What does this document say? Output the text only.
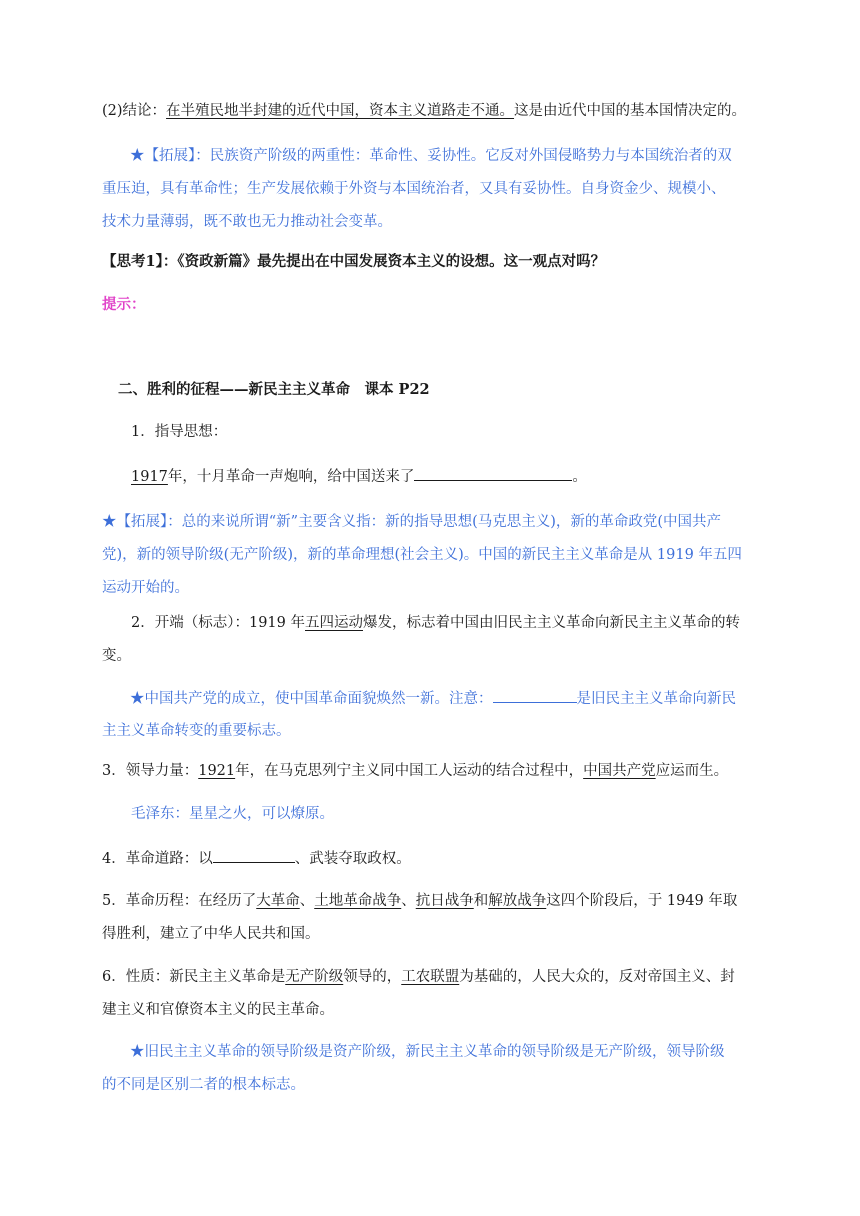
(2)结论：在半殖民地半封建的近代中国，资本主义道路走不通。这是由近代中国的基本国情决定的。
★【拓展】：民族资产阶级的两重性：革命性、妥协性。它反对外国侵略势力与本国统治者的双
重压迫，具有革命性；生产发展依赖于外资与本国统治者，又具有妥协性。自身资金少、规模小、
技术力量薄弱，既不敢也无力推动社会变革。
【思考1】：《资政新篇》最先提出在中国发展资本主义的设想。这一观点对吗？
提示：
二、胜利的征程——新民主主义革命　课本 P22
1．指导思想：
1917年，十月革命一声炮响，给中国送来了	。
★【拓展】：总的来说所谓“新”主要含义指：新的指导思想(马克思主义)，新的革命政党(中国共产
党)，新的领导阶级(无产阶级)，新的革命理想(社会主义)。中国的新民主主义革命是从 1919 年五四
运动开始的。
2．开端（标志）：1919 年五四运动爆发，标志着中国由旧民主主义革命向新民主主义革命的转
变。
★中国共产党的成立，使中国革命面貌焕然一新。注意：	是旧民主主义革命向新民
主主义革命转变的重要标志。
3．领导力量：1921年，在马克思列宁主义同中国工人运动的结合过程中，中国共产党应运而生。
毛泽东：星星之火，可以燎原。
4．革命道路：以	、武装夺取政权。
5．革命历程：在经历了大革命、土地革命战争、抗日战争和解放战争这四个阶段后，于 1949 年取
得胜利，建立了中华人民共和国。
6．性质：新民主主义革命是无产阶级领导的，工农联盟为基础的，人民大众的，反对帝国主义、封
建主义和官僚资本主义的民主革命。
★旧民主主义革命的领导阶级是资产阶级，新民主主义革命的领导阶级是无产阶级，领导阶级
的不同是区别二者的根本标志。
